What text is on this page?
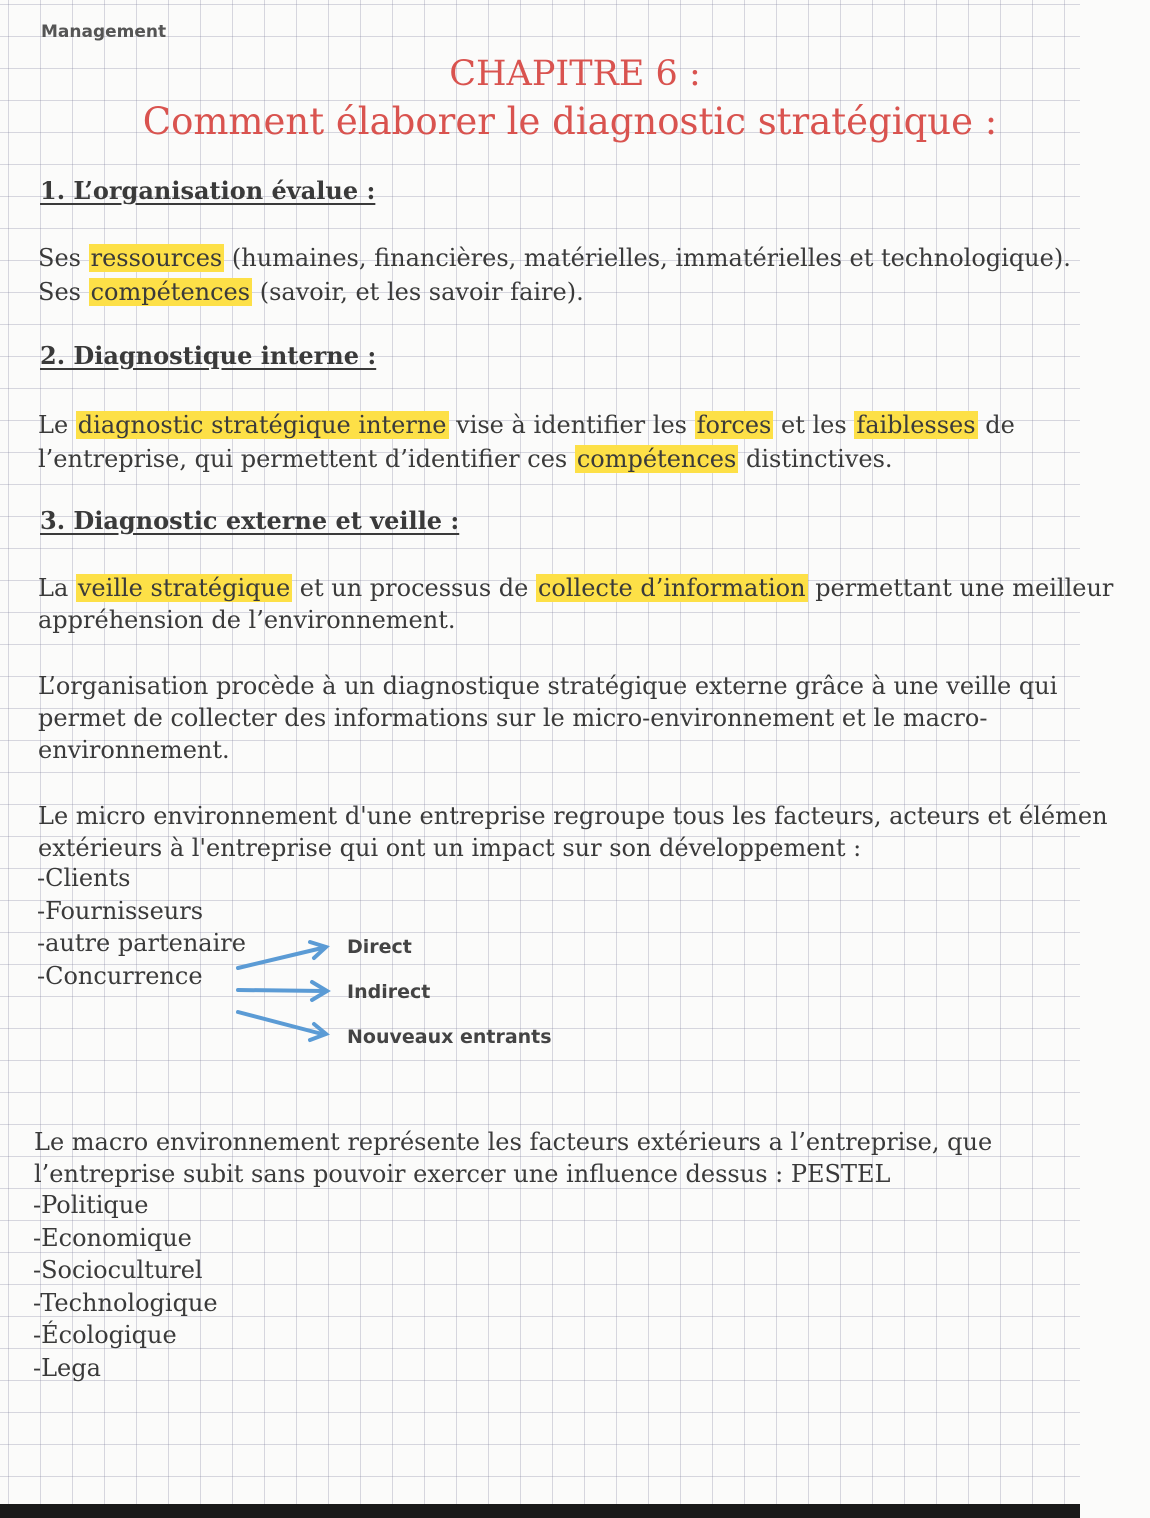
Management
CHAPITRE 6 :
Comment élaborer le diagnostic stratégique :
1. L’organisation évalue :

Ses ressources (humaines, financières, matérielles, immatérielles et technologique).

Ses compétences (savoir, et les savoir faire).

2. Diagnostique interne :

Le diagnostic stratégique interne vise à identifier les forces et les faiblesses de

l’entreprise, qui permettent d’identifier ces compétences distinctives.

3. Diagnostic externe et veille :

La veille stratégique et un processus de collecte d’information permettant une meilleur

appréhension de l’environnement.

L’organisation procède à un diagnostique stratégique externe grâce à une veille qui

permet de collecter des informations sur le micro-environnement et le macro-

environnement.

Le micro environnement d'une entreprise regroupe tous les facteurs, acteurs et élémen

extérieurs à l'entreprise qui ont un impact sur son développement :

-Clients
-Fournisseurs
-autre partenaire
-Concurrence
Direct
Indirect
Nouveaux entrants

Le macro environnement représente les facteurs extérieurs a l’entreprise, que

l’entreprise subit sans pouvoir exercer une influence dessus : PESTEL

-Politique
-Economique
-Socioculturel
-Technologique
-Écologique
-Lega
